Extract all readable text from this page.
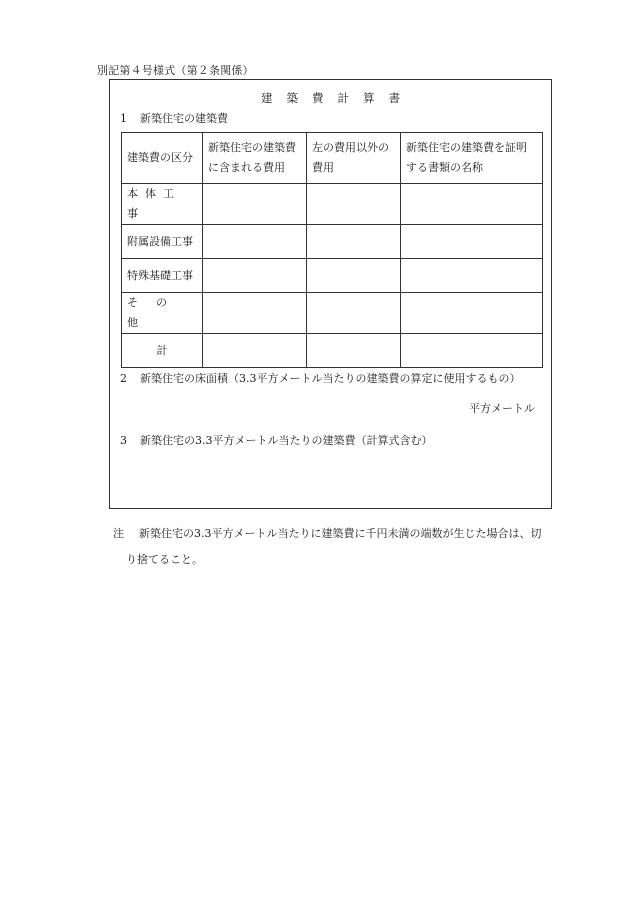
別記第４号様式（第２条関係）
建築費計算書
1 新築住宅の建築費
建築費の区分	新築住宅の建築費に含まれる費用	左の費用以外の費用	新築住宅の建築費を証明する書類の名称
本体工事			
附属設備工事			
特殊基礎工事			
その他			
計			
2 新築住宅の床面積（3.3平方メートル当たりの建築費の算定に使用するもの）
平方メートル
3 新築住宅の3.3平方メートル当たりの建築費（計算式含む）
注 新築住宅の3.3平方メートル当たりに建築費に千円未満の端数が生じた場合は、切
り捨てること。
